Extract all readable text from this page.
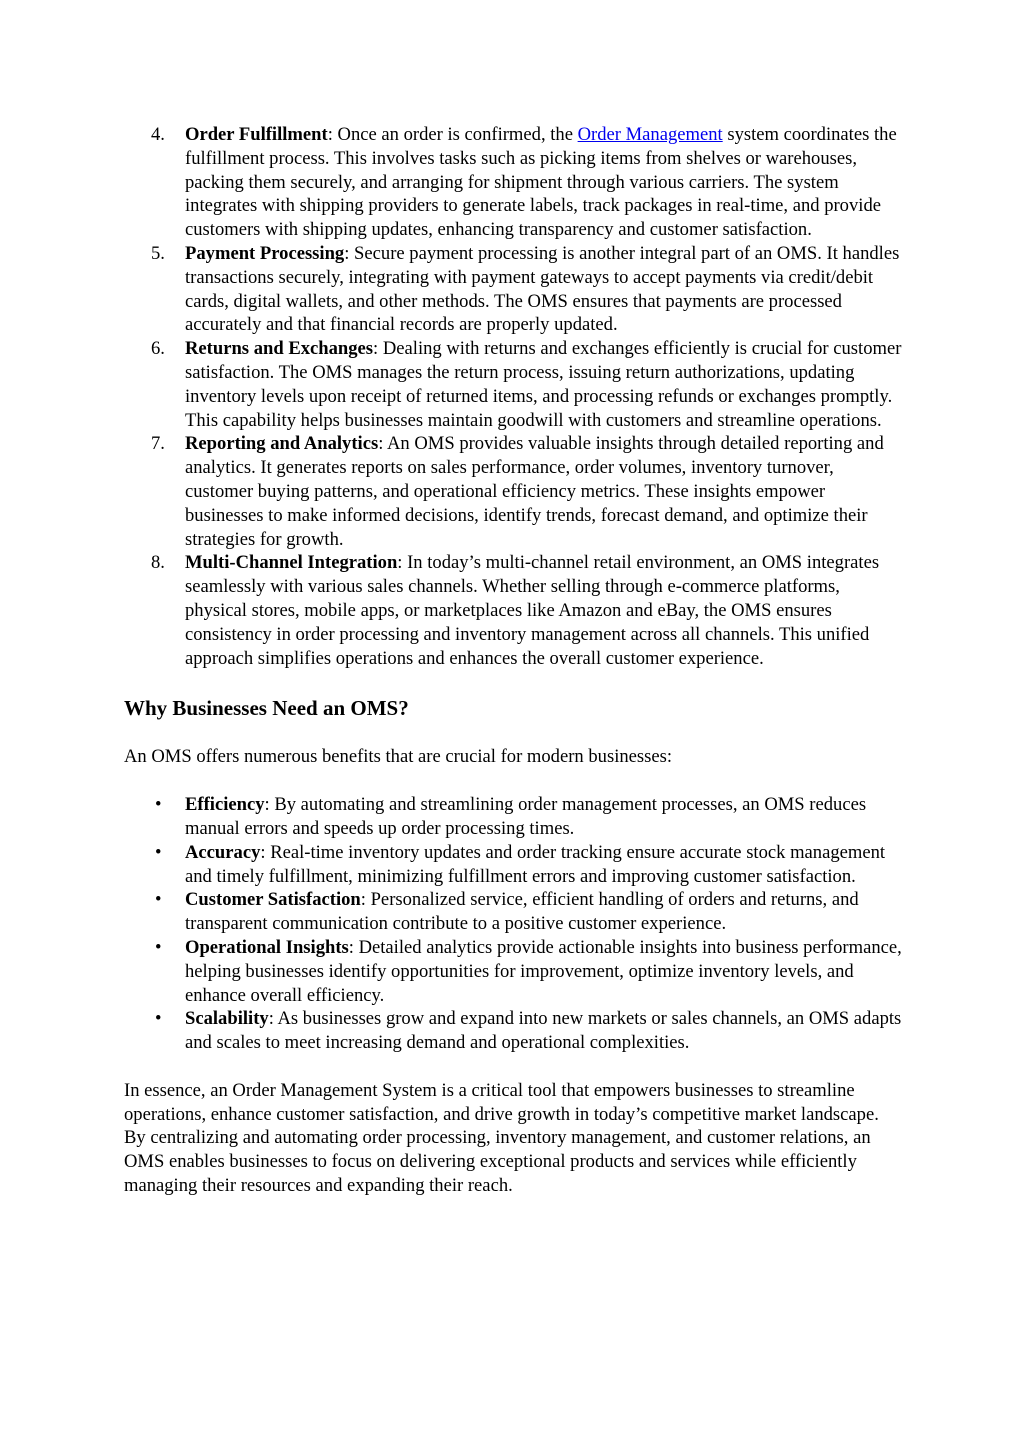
4. Order Fulfillment: Once an order is confirmed, the Order Management system coordinates the fulfillment process. This involves tasks such as picking items from shelves or warehouses, packing them securely, and arranging for shipment through various carriers. The system integrates with shipping providers to generate labels, track packages in real-time, and provide customers with shipping updates, enhancing transparency and customer satisfaction.
5. Payment Processing: Secure payment processing is another integral part of an OMS. It handles transactions securely, integrating with payment gateways to accept payments via credit/debit cards, digital wallets, and other methods. The OMS ensures that payments are processed accurately and that financial records are properly updated.
6. Returns and Exchanges: Dealing with returns and exchanges efficiently is crucial for customer satisfaction. The OMS manages the return process, issuing return authorizations, updating inventory levels upon receipt of returned items, and processing refunds or exchanges promptly. This capability helps businesses maintain goodwill with customers and streamline operations.
7. Reporting and Analytics: An OMS provides valuable insights through detailed reporting and analytics. It generates reports on sales performance, order volumes, inventory turnover, customer buying patterns, and operational efficiency metrics. These insights empower businesses to make informed decisions, identify trends, forecast demand, and optimize their strategies for growth.
8. Multi-Channel Integration: In today’s multi-channel retail environment, an OMS integrates seamlessly with various sales channels. Whether selling through e-commerce platforms, physical stores, mobile apps, or marketplaces like Amazon and eBay, the OMS ensures consistency in order processing and inventory management across all channels. This unified approach simplifies operations and enhances the overall customer experience.
Why Businesses Need an OMS?

An OMS offers numerous benefits that are crucial for modern businesses:

• Efficiency: By automating and streamlining order management processes, an OMS reduces manual errors and speeds up order processing times.
• Accuracy: Real-time inventory updates and order tracking ensure accurate stock management and timely fulfillment, minimizing fulfillment errors and improving customer satisfaction.
• Customer Satisfaction: Personalized service, efficient handling of orders and returns, and transparent communication contribute to a positive customer experience.
• Operational Insights: Detailed analytics provide actionable insights into business performance, helping businesses identify opportunities for improvement, optimize inventory levels, and enhance overall efficiency.
• Scalability: As businesses grow and expand into new markets or sales channels, an OMS adapts and scales to meet increasing demand and operational complexities.

In essence, an Order Management System is a critical tool that empowers businesses to streamline operations, enhance customer satisfaction, and drive growth in today’s competitive market landscape. By centralizing and automating order processing, inventory management, and customer relations, an OMS enables businesses to focus on delivering exceptional products and services while efficiently managing their resources and expanding their reach.
